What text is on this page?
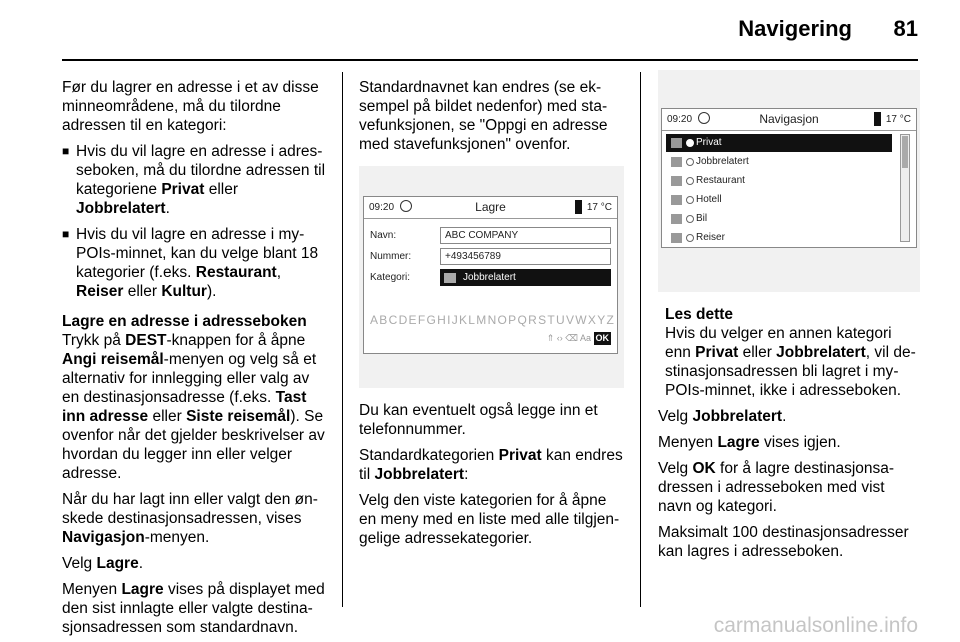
Navigering 81

Før du lagrer en adresse i et av disse minneområdene, må du tilordne adressen til en kategori:

■ Hvis du vil lagre en adresse i adresseboken, må du tilordne adressen til kategoriene Privat eller
Jobbrelatert.
■ Hvis du vil lagre en adresse i myPOIs-minnet, kan du velge blant 18 kategorier (f.eks. Restaurant,
Reiser eller Kultur).

Lagre en adresse i adresseboken

Trykk på DEST-knappen for å åpne Angi reisemål-menyen og velg så et alternativ for innlegging eller valg av en destinasjonsadresse (f.eks. Tast inn adresse eller Siste reisemål). Se ovenfor når det gjelder beskrivelser av hvordan du legger inn eller velger adresse.

Når du har lagt inn eller valgt den ønskede destinasjonsadressen, vises
Navigasjon-menyen.

Velg Lagre.

Menyen Lagre vises på displayet med den sist innlagte eller valgte destinasjonsadressen som standardnavn.

Standardnavnet kan endres (se eksempel på bildet nedenfor) med stavefunksjonen, se "Oppgi en adresse med stavefunksjonen" ovenfor.

09:20	Lagre	17 °C
Navn:	ABC COMPANY
Nummer:	+493456789
Kategori:	Jobbrelatert
ABCDEFGHIJKLMNOPQRSTUVWXYZ
⇑ ‹› ⌫ Aa OK

Du kan eventuelt også legge inn et telefonnummer.

Standardkategorien Privat kan endres til Jobbrelatert:

Velg den viste kategorien for å åpne en meny med en liste med alle tilgjengelige adressekategorier.

09:20	Navigasjon	17 °C
Privat
Jobbrelatert
Restaurant
Hotell
Bil
Reiser
Les dette
Hvis du velger en annen kategori enn Privat eller Jobbrelatert, vil destinasjonsadressen bli lagret i myPOIs-minnet, ikke i adresseboken.

Velg Jobbrelatert.

Menyen Lagre vises igjen.

Velg OK for å lagre destinasjonsadressen i adresseboken med vist navn og kategori.

Maksimalt 100 destinasjonsadresser kan lagres i adresseboken.

carmanualsonline.info
